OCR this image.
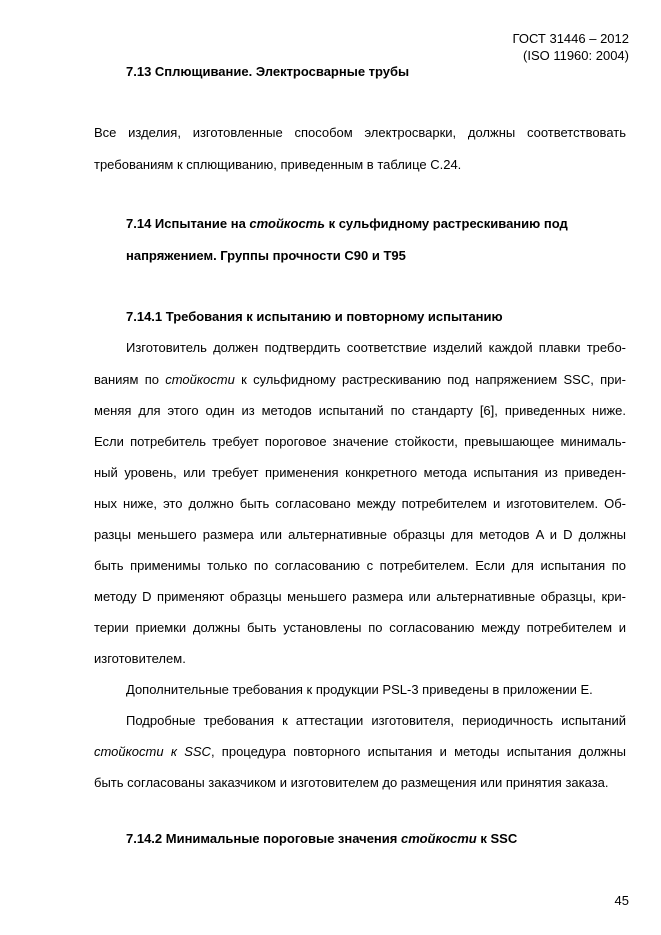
ГОСТ 31446 – 2012
(ISO 11960: 2004)
7.13 Сплющивание. Электросварные трубы
Все изделия, изготовленные способом электросварки, должны соответствовать
требованиям к сплющиванию, приведенным в таблице С.24.
7.14 Испытание на стойкость к сульфидному растрескиванию под
напряжением. Группы прочности С90 и Т95
7.14.1 Требования к испытанию и повторному испытанию
Изготовитель должен подтвердить соответствие изделий каждой плавки требо-
ваниям по стойкости к сульфидному растрескиванию под напряжением SSC, при-
меняя для этого один из методов испытаний по стандарту [6], приведенных ниже.
Если потребитель требует пороговое значение стойкости, превышающее минималь-
ный уровень, или требует применения конкретного метода испытания из приведен-
ных ниже, это должно быть согласовано между потребителем и изготовителем. Об-
разцы меньшего размера или альтернативные образцы для методов A и D должны
быть применимы только по согласованию с потребителем. Если для испытания по
методу D применяют образцы меньшего размера или альтернативные образцы, кри-
терии приемки должны быть установлены по согласованию между потребителем и
изготовителем.
Дополнительные требования к продукции PSL-3 приведены в приложении Е.
Подробные требования к аттестации изготовителя, периодичность испытаний
стойкости к SSC, процедура повторного испытания и методы испытания должны
быть согласованы заказчиком и изготовителем до размещения или принятия заказа.
7.14.2 Минимальные пороговые значения стойкости к SSC
45
